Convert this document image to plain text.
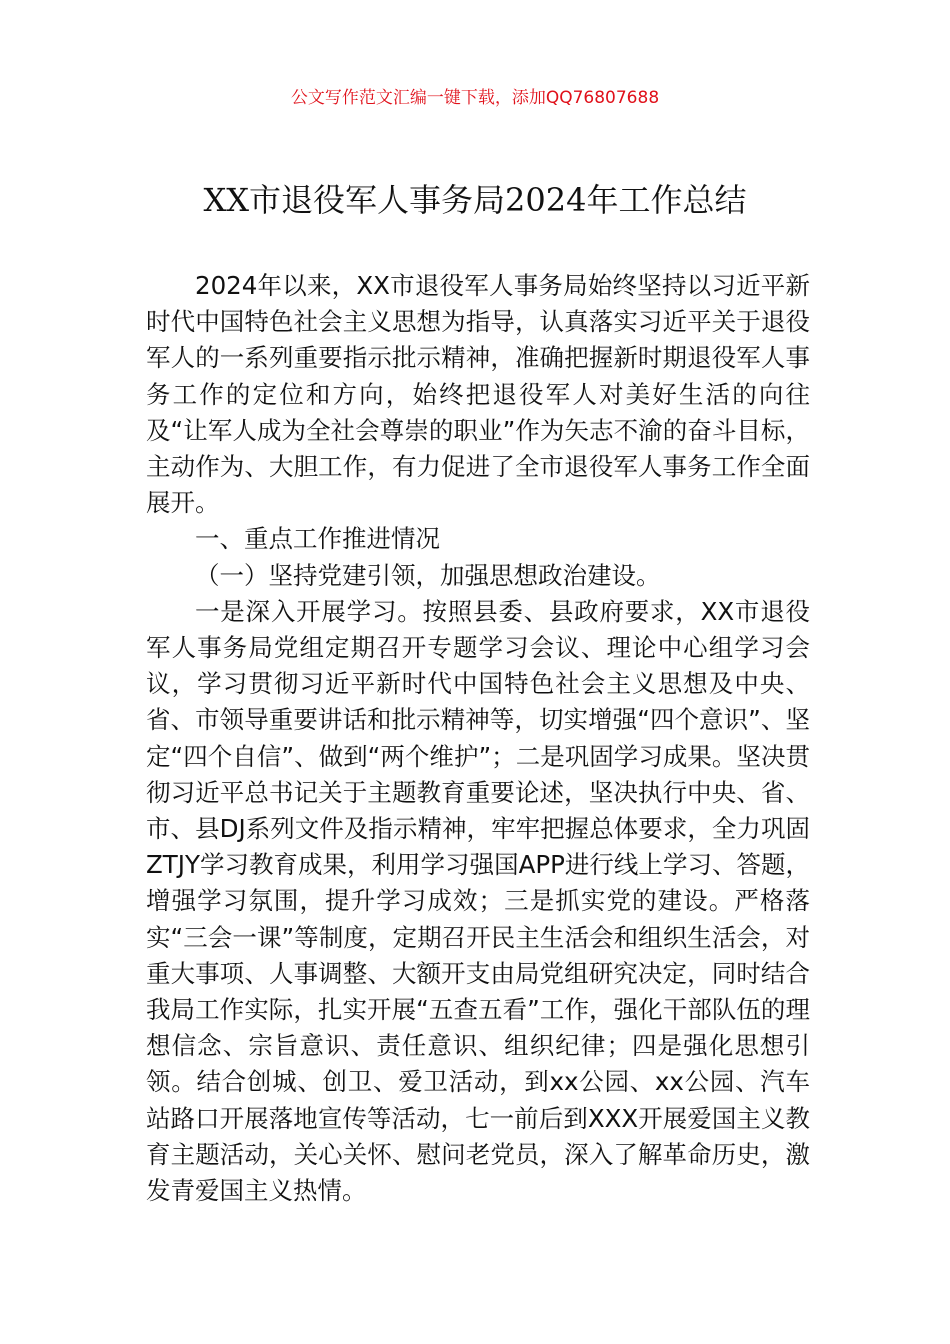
公文写作范文汇编一键下载，添加QQ76807688
XX市退役军人事务局2024年工作总结

2024年以来，XX市退役军人事务局始终坚持以习近平新时代中国特色社会主义思想为指导，认真落实习近平关于退役军人的一系列重要指示批示精神，准确把握新时期退役军人事务工作的定位和方向，始终把退役军人对美好生活的向往及“让军人成为全社会尊崇的职业”作为矢志不渝的奋斗目标，主动作为、大胆工作，有力促进了全市退役军人事务工作全面展开。

一、重点工作推进情况

（一）坚持党建引领，加强思想政治建设。

一是深入开展学习。按照县委、县政府要求，XX市退役军人事务局党组定期召开专题学习会议、理论中心组学习会议，学习贯彻习近平新时代中国特色社会主义思想及中央、省、市领导重要讲话和批示精神等，切实增强“四个意识”、坚定“四个自信”、做到“两个维护”；二是巩固学习成果。坚决贯彻习近平总书记关于主题教育重要论述，坚决执行中央、省、市、县DJ系列文件及指示精神，牢牢把握总体要求，全力巩固ZTJY学习教育成果，利用学习强国APP进行线上学习、答题，增强学习氛围，提升学习成效；三是抓实党的建设。严格落实“三会一课”等制度，定期召开民主生活会和组织生活会，对重大事项、人事调整、大额开支由局党组研究决定，同时结合我局工作实际，扎实开展“五查五看”工作，强化干部队伍的理想信念、宗旨意识、责任意识、组织纪律；四是强化思想引领。结合创城、创卫、爱卫活动，到xx公园、xx公园、汽车站路口开展落地宣传等活动，七一前后到XXX开展爱国主义教育主题活动，关心关怀、慰问老党员，深入了解革命历史，激发青爱国主义热情。
